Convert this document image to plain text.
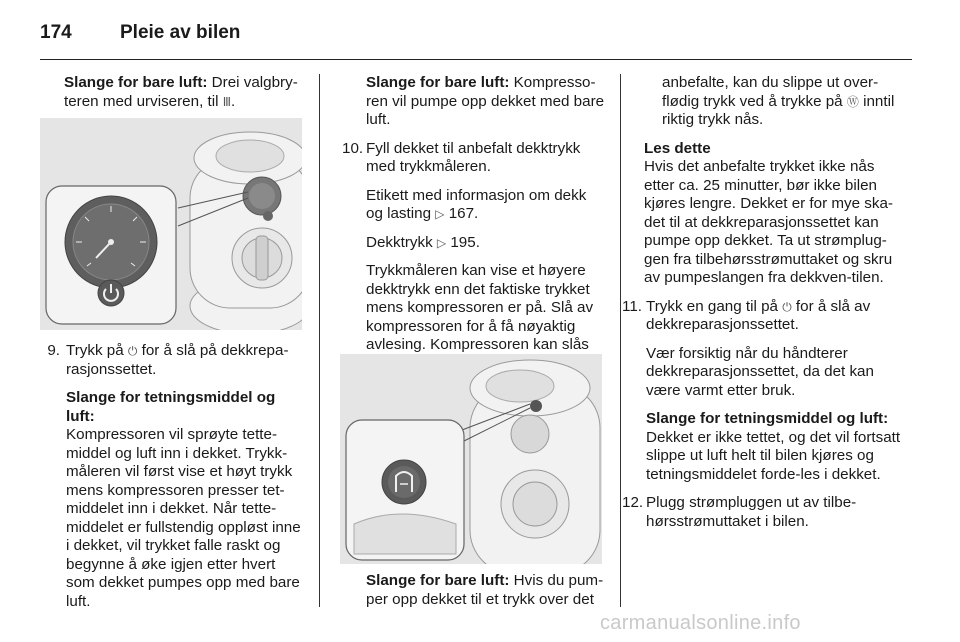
174	Pleie av bilen

Slange for bare luft: Drei valgbry-teren med urviseren, til Ⅲ.

9. Trykk på ⏻ for å slå på dekkrepa-rasjonssettet.

Slange for tetningsmiddel og luft:
Kompressoren vil sprøyte tette-middel og luft inn i dekket. Trykk-måleren vil først vise et høyt trykk mens kompressoren presser tet-middelet inn i dekket. Når tette-middelet er fullstendig oppløst inne i dekket, vil trykket falle raskt og begynne å øke igjen etter hvert som dekket pumpes opp med bare luft.

Slange for bare luft: Kompresso-ren vil pumpe opp dekket med bare luft.

10. Fyll dekket til anbefalt dekktrykk med trykkmåleren.

Etikett med informasjon om dekk og lasting ▷ 167.

Dekktrykk ▷ 195.

Trykkmåleren kan vise et høyere dekktrykk enn det faktiske trykket mens kompressoren er på. Slå av kompressoren for å få nøyaktig avlesing. Kompressoren kan slås

Slange for bare luft: Hvis du pum-per opp dekket til et trykk over det

anbefalte, kan du slippe ut over-flødig trykk ved å trykke på Ⓦ inntil riktig trykk nås.

Les dette
Hvis det anbefalte trykket ikke nås etter ca. 25 minutter, bør ikke bilen kjøres lengre. Dekket er for mye ska-det til at dekkreparasjonssettet kan pumpe opp dekket. Ta ut strømplug-gen fra tilbehørsstrømuttaket og skru av pumpeslangen fra dekkven-tilen.

11. Trykk en gang til på ⏻ for å slå av dekkreparasjonssettet.

Vær forsiktig når du håndterer dekkreparasjonssettet, da det kan være varmt etter bruk.

Slange for tetningsmiddel og luft:
Dekket er ikke tettet, og det vil fortsatt slippe ut luft helt til bilen kjøres og tetningsmiddelet forde-les i dekket.

12. Plugg strømpluggen ut av tilbe-hørsstrømuttaket i bilen.

carmanualsonline.info
